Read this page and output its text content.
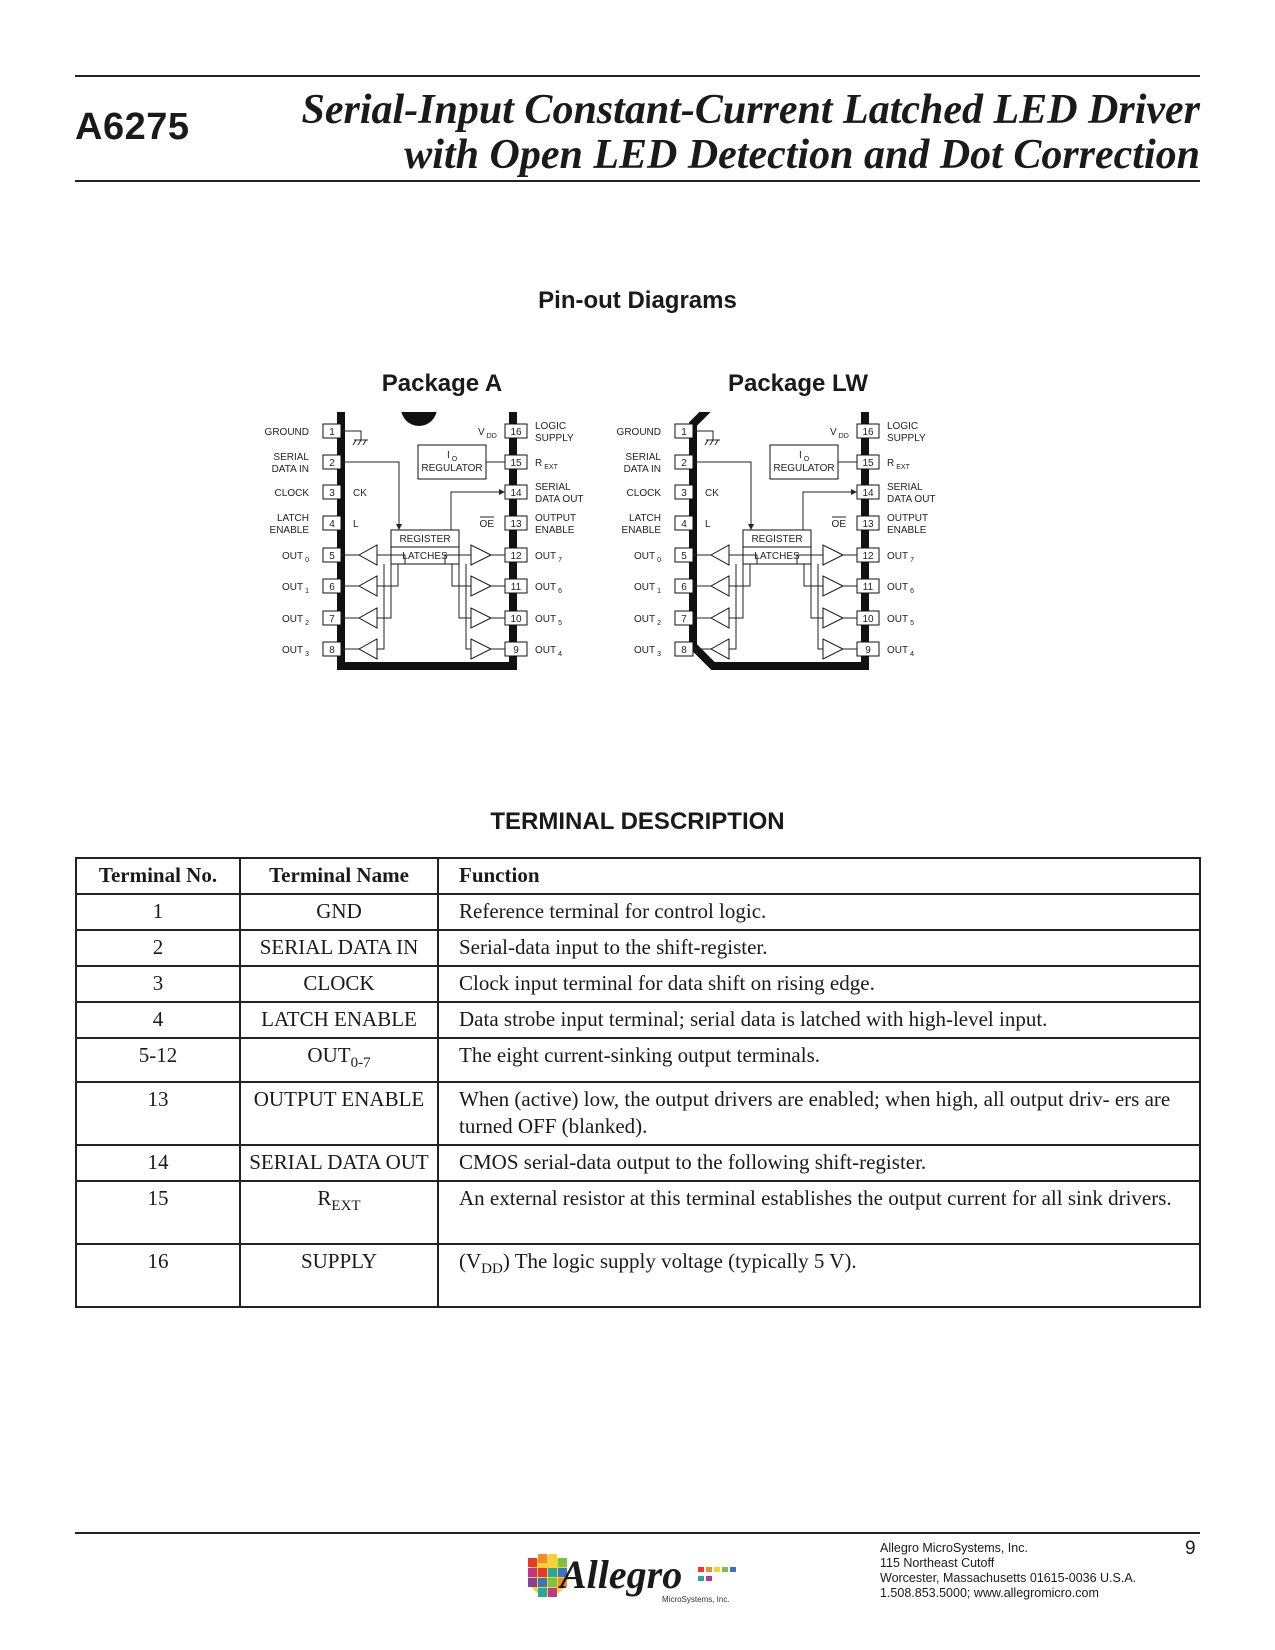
A6275	Serial-Input Constant-Current Latched LED Driver
with Open LED Detection and Dot Correction
Pin-out Diagrams
Package A	Package LW
1
GROUND
2
SERIAL
DATA IN
3
CLOCK
4
LATCH
ENABLE
5
OUT $_0$
6
OUT $_1$
7
OUT $_2$
8
OUT $_3$
16
LOGIC
SUPPLY
15 R $_{EXT}$
14
SERIAL
DATA OUT
13
OUTPUT
ENABLE
12 OUT $_7$
11 OUT $_6$
10 OUT $_5$
9 OUT $_4$
V $_{DD}$
CK
L	OE
I $_O$
REGULATOR
REGISTER
LATCHES
1
GROUND
2
SERIAL
DATA IN
3
CLOCK
4
LATCH
ENABLE
5
OUT $_0$
6
OUT $_1$
7
OUT $_2$
8
OUT $_3$
16
LOGIC
SUPPLY
15 R $_{EXT}$
14
SERIAL
DATA OUT
13
OUTPUT
ENABLE
12 OUT $_7$
11 OUT $_6$
10 OUT $_5$
9 OUT $_4$
V $_{DD}$
CK
L	OE
I $_O$
REGULATOR
REGISTER
LATCHES
TERMINAL DESCRIPTION
Terminal No.	Terminal Name	Function
1	GND	Reference terminal for control logic.
2	SERIAL DATA IN	Serial-data input to the shift-register.
3	CLOCK	Clock input terminal for data shift on rising edge.
4	LATCH ENABLE	Data strobe input terminal; serial data is latched with high-level input.
5-12	$OUT_{0-7}$	The eight current-sinking output terminals.
13	OUTPUT ENABLE	When (active) low, the output drivers are enabled; when high, all output driv- ers are turned OFF (blanked).
14	SERIAL DATA OUT	CMOS serial-data output to the following shift-register.
15	$R_{EXT}$	An external resistor at this terminal establishes the output current for all sink drivers.
16	SUPPLY	$(V_{DD})$ The logic supply voltage (typically 5 V).
Allegro
MicroSystems, Inc.
Allegro MicroSystems, Inc.
115 Northeast Cutoff
Worcester, Massachusetts 01615-0036 U.S.A.
1.508.853.5000; www.allegromicro.com
9
